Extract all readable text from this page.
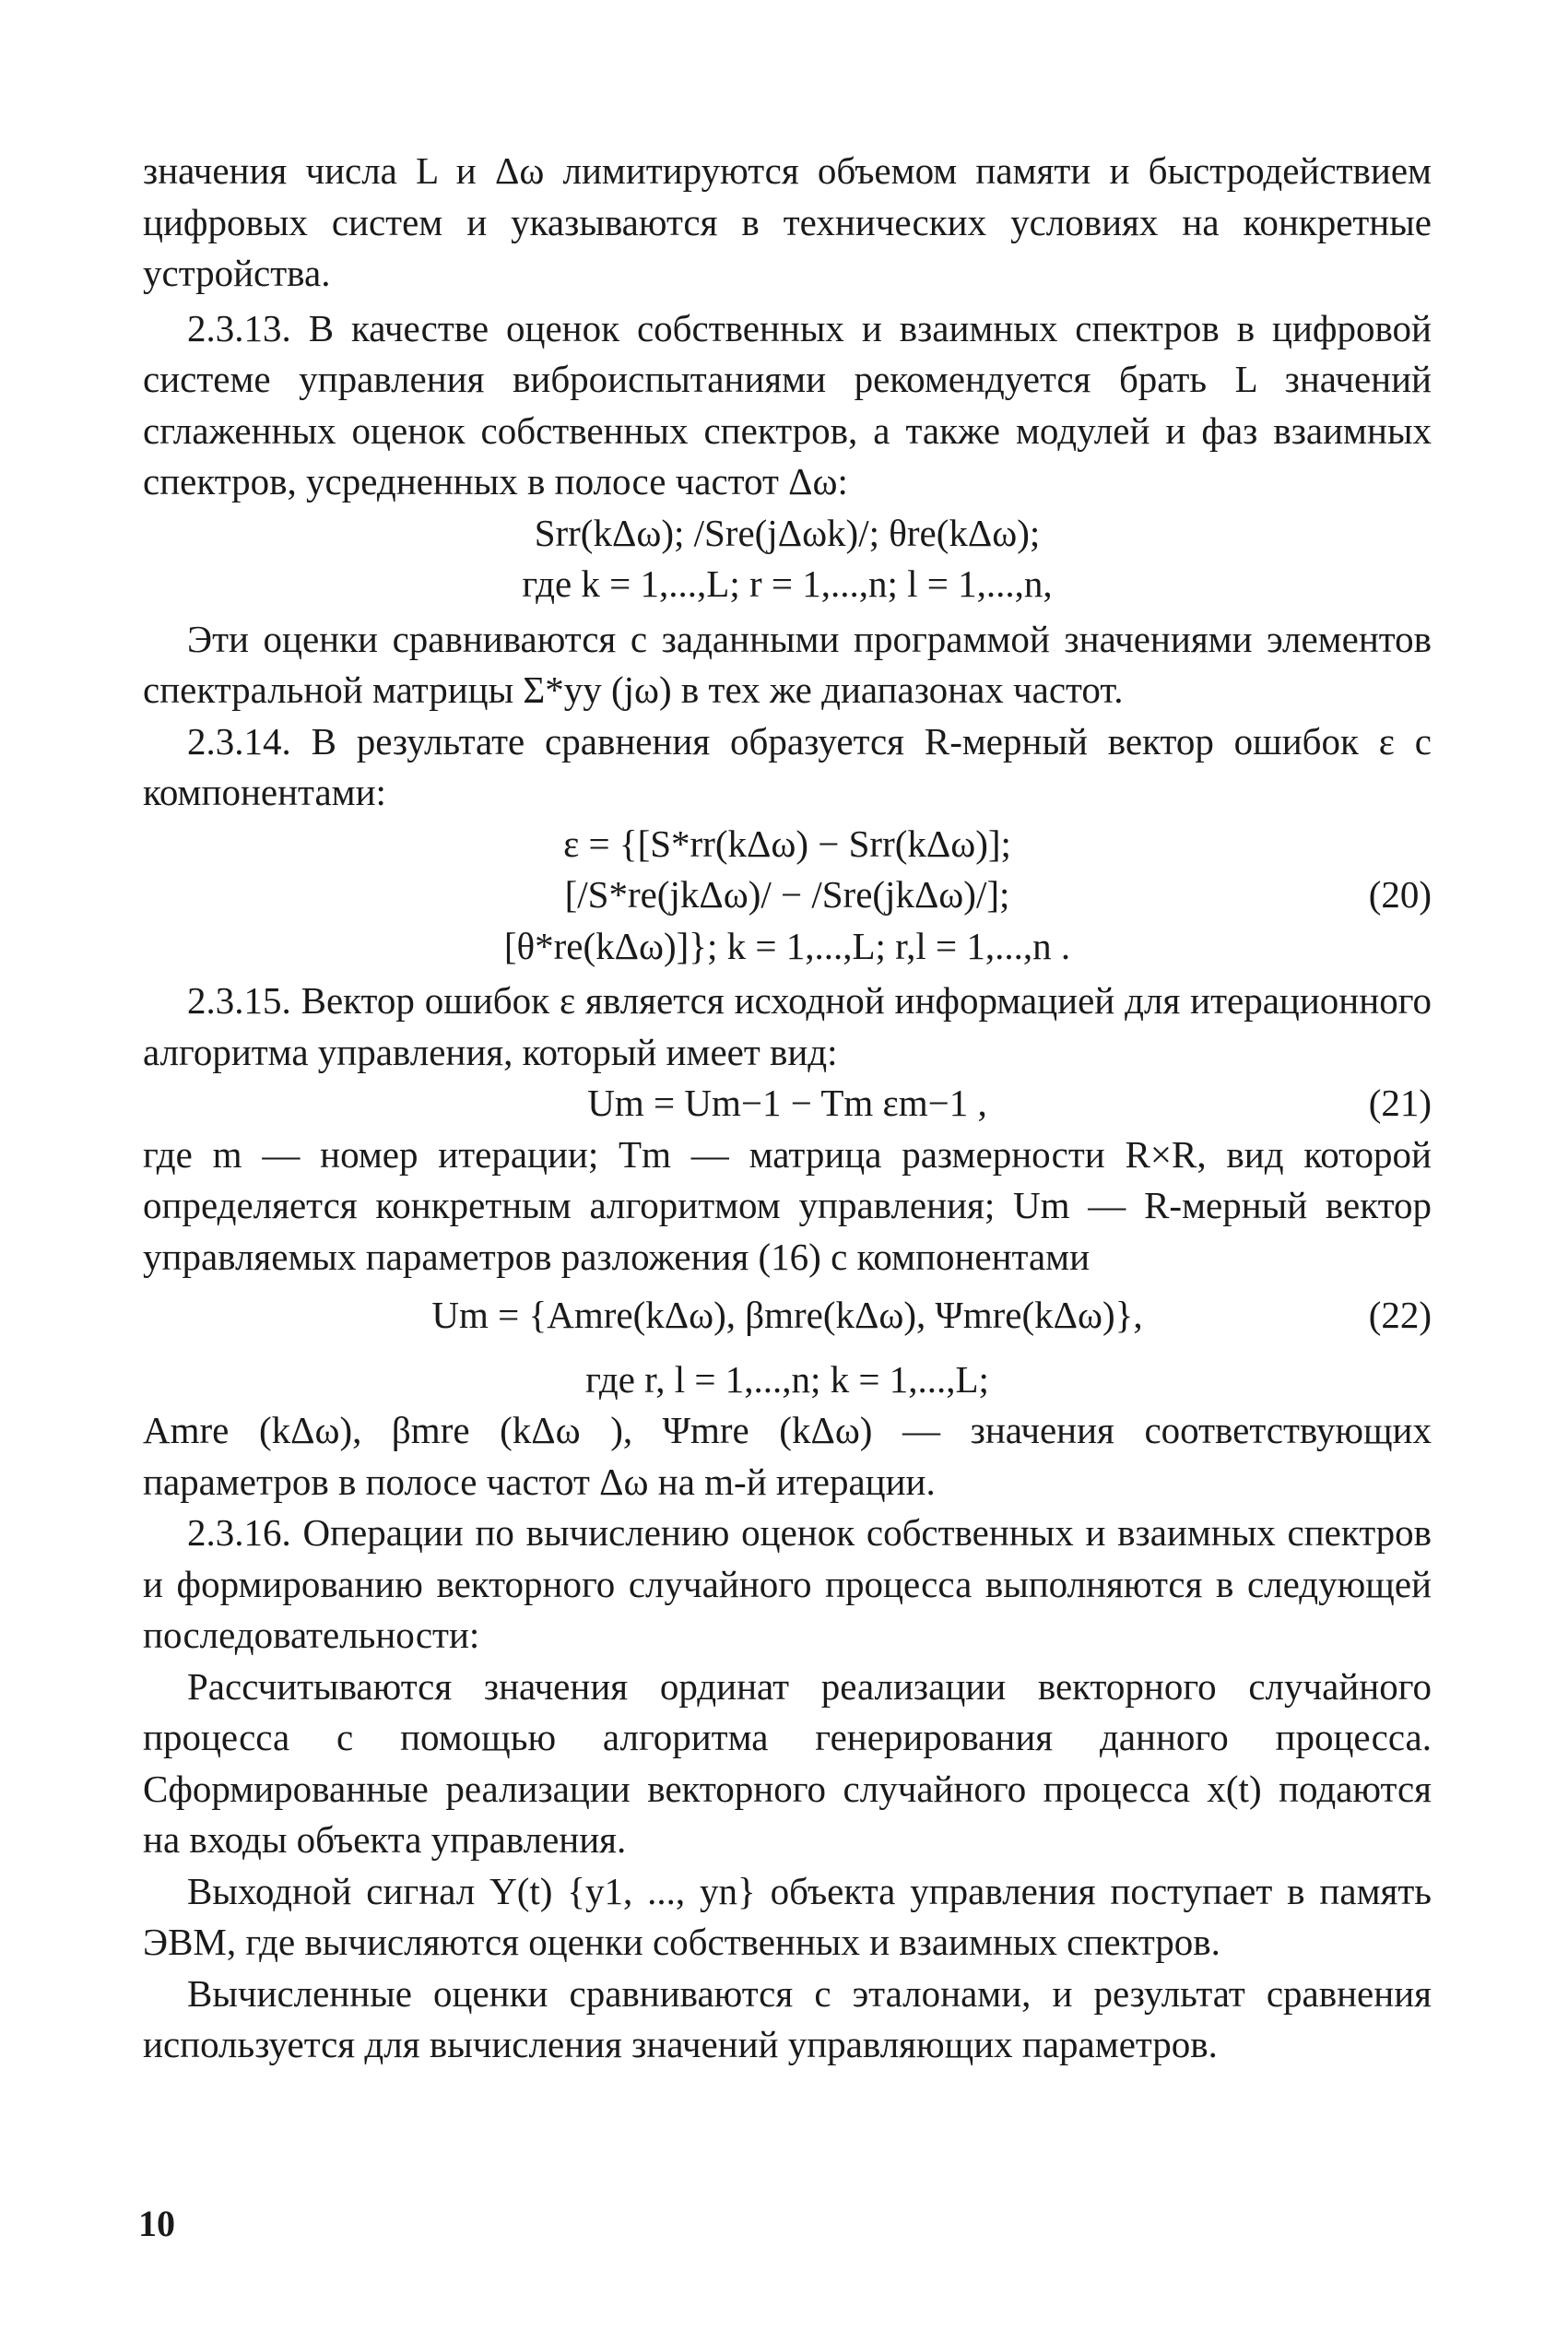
значения числа L и Δω лимитируются объемом памяти и быстродействием цифровых систем и указываются в технических условиях на конкретные устройства.

2.3.13. В качестве оценок собственных и взаимных спектров в цифровой системе управления виброиспытаниями рекомендуется брать L значений сглаженных оценок собственных спектров, а также модулей и фаз взаимных спектров, усредненных в полосе частот Δω:

Srr(kΔω); /Sre(jΔωk)/; θre(kΔω);
где k = 1,...,L; r = 1,...,n; l = 1,...,n,

Эти оценки сравниваются с заданными программой значениями элементов спектральной матрицы Σ*yy (jω) в тех же диапазонах частот.

2.3.14. В результате сравнения образуется R-мерный вектор ошибок ε с компонентами:

ε = {[S*rr(kΔω) − Srr(kΔω)];
[/S*re(jkΔω)/ − /Sre(jkΔω)/];	(20)
[θ*re(kΔω)]}; k = 1,...,L; r,l = 1,...,n .

2.3.15. Вектор ошибок ε является исходной информацией для итерационного алгоритма управления, который имеет вид:

Um = Um−1 − Tm εm−1 ,	(21)

где m — номер итерации; Tm — матрица размерности R×R, вид которой определяется конкретным алгоритмом управления; Um — R-мерный вектор управляемых параметров разложения (16) с компонентами

Um = {Amre(kΔω), βmre(kΔω), Ψmre(kΔω)},	(22)
где r, l = 1,...,n; k = 1,...,L;

Amre (kΔω), βmre (kΔω ), Ψmre (kΔω) — значения соответствующих параметров в полосе частот Δω на m-й итерации.

2.3.16. Операции по вычислению оценок собственных и взаимных спектров и формированию векторного случайного процесса выполняются в следующей последовательности:

Рассчитываются значения ординат реализации векторного случайного процесса с помощью алгоритма генерирования данного процесса. Сформированные реализации векторного случайного процесса x(t) подаются на входы объекта управления.

Выходной сигнал Y(t) {y1, ..., yn} объекта управления поступает в память ЭВМ, где вычисляются оценки собственных и взаимных спектров.

Вычисленные оценки сравниваются с эталонами, и результат сравнения используется для вычисления значений управляющих параметров.

10
